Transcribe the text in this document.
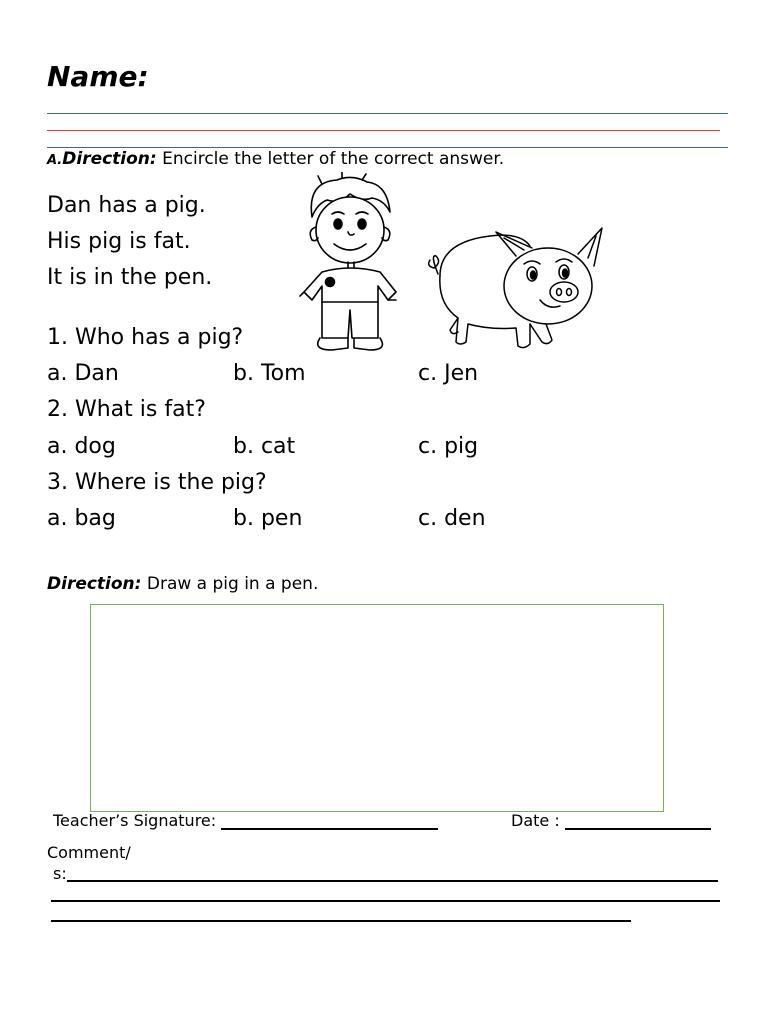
Name:
A.Direction: Encircle the letter of the correct answer.
Dan has a pig.
His pig is fat.
It is in the pen.
1. Who has a pig?
a. Dan	b. Tom	c. Jen
2. What is fat?
a. dog	b. cat	c. pig
3. Where is the pig?
a. bag	b. pen	c. den
Direction: Draw a pig in a pen.
Teacher’s Signature:	Date :
Comment/
s:
